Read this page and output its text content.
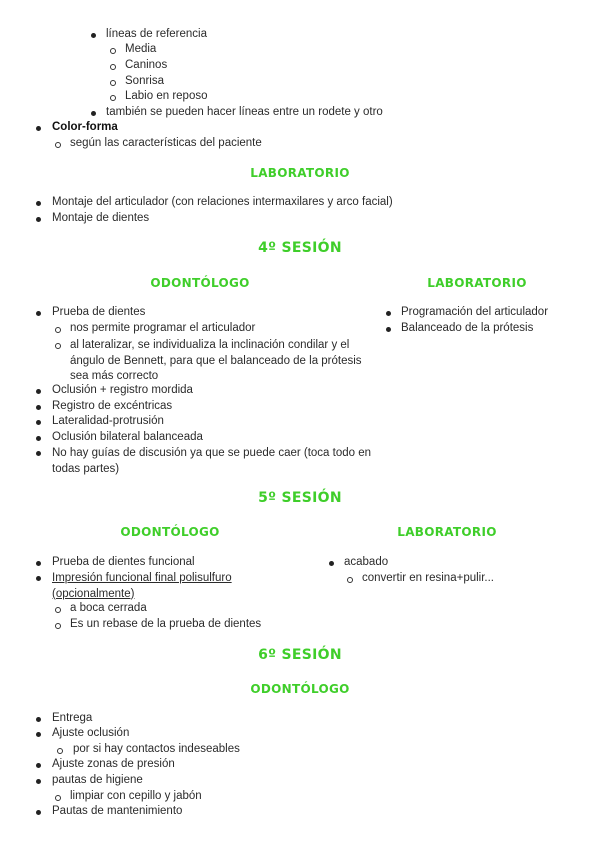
líneas de referencia
Media
Caninos
Sonrisa
Labio en reposo
también se pueden hacer líneas entre un rodete y otro
Color-forma
según las características del paciente
LABORATORIO
Montaje del articulador (con relaciones intermaxilares y arco facial)
Montaje de dientes
4º SESIÓN
ODONTÓLOGO	LABORATORIO
Prueba de dientes
nos permite programar el articulador
al lateralizar, se individualiza la inclinación condilar y el ángulo de Bennett, para que el balanceado de la prótesis sea más correcto
Oclusión + registro mordida
Registro de excéntricas
Lateralidad-protrusión
Oclusión bilateral balanceada
No hay guías de discusión ya que se puede caer (toca todo en todas partes)
Programación del articulador
Balanceado de la prótesis
5º SESIÓN
ODONTÓLOGO	LABORATORIO
Prueba de dientes funcional
Impresión funcional final polisulfuro (opcionalmente)
a boca cerrada
Es un rebase de la prueba de dientes
acabado
convertir en resina+pulir...
6º SESIÓN
ODONTÓLOGO
Entrega
Ajuste oclusión
por si hay contactos indeseables
Ajuste zonas de presión
pautas de higiene
limpiar con cepillo y jabón
Pautas de mantenimiento
